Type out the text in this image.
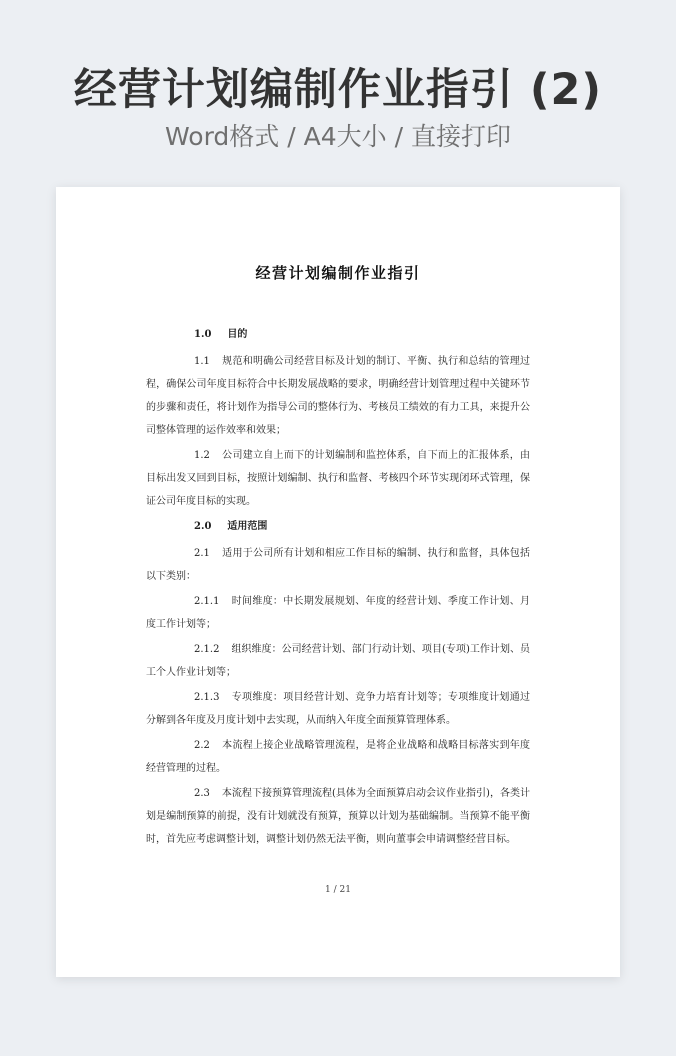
经营计划编制作业指引 (2)
Word格式 / A4大小 / 直接打印
经营计划编制作业指引

1.0 目的

1.1 规范和明确公司经营目标及计划的制订、平衡、执行和总结的管理过程，确保公司年度目标符合中长期发展战略的要求，明确经营计划管理过程中关键环节的步骤和责任，将计划作为指导公司的整体行为、考核员工绩效的有力工具，来提升公司整体管理的运作效率和效果；

1.2 公司建立自上而下的计划编制和监控体系，自下而上的汇报体系，由目标出发又回到目标，按照计划编制、执行和监督、考核四个环节实现闭环式管理，保证公司年度目标的实现。

2.0 适用范围

2.1 适用于公司所有计划和相应工作目标的编制、执行和监督，具体包括以下类别：

2.1.1 时间维度：中长期发展规划、年度的经营计划、季度工作计划、月度工作计划等；

2.1.2 组织维度：公司经营计划、部门行动计划、项目(专项)工作计划、员工个人作业计划等；

2.1.3 专项维度：项目经营计划、竞争力培育计划等；专项维度计划通过分解到各年度及月度计划中去实现，从而纳入年度全面预算管理体系。

2.2 本流程上接企业战略管理流程，是将企业战略和战略目标落实到年度经营管理的过程。

2.3 本流程下接预算管理流程(具体为全面预算启动会议作业指引)，各类计划是编制预算的前提，没有计划就没有预算，预算以计划为基础编制。当预算不能平衡时，首先应考虑调整计划，调整计划仍然无法平衡，则向董事会申请调整经营目标。

1 / 21
